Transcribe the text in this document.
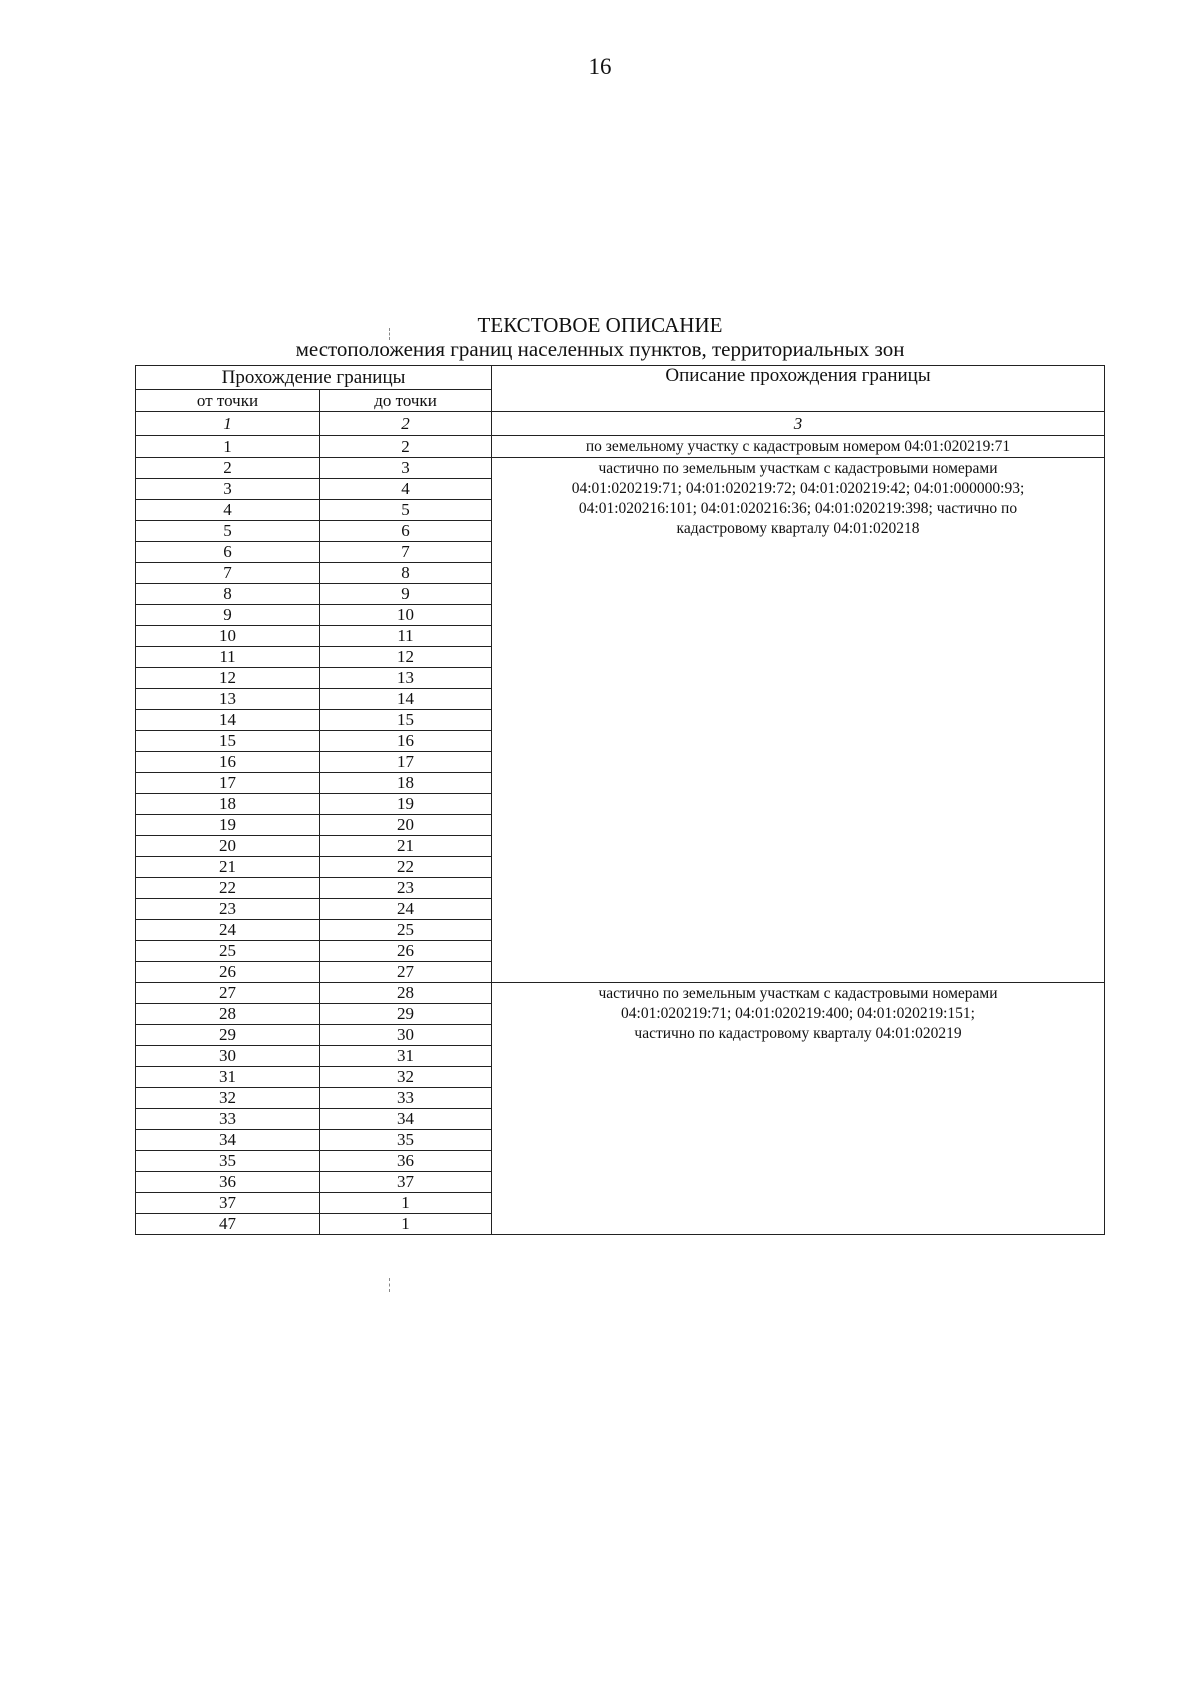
16
ТЕКСТОВОЕ ОПИСАНИЕ
местоположения границ населенных пунктов, территориальных зон
Прохождение границы		Описание прохождения границы
от точки	до точки	
1	2	3
1	2	по земельному участку с кадастровым номером 04:01:020219:71

2	3	частично по земельным участкам с кадастровыми номерами
04:01:020219:71; 04:01:020219:72; 04:01:020219:42; 04:01:000000:93;
04:01:020216:101; 04:01:020216:36; 04:01:020219:398; частично по
кадастровому кварталу 04:01:020218

3	4	
4	5	
5	6	
6	7	
7	8	
8	9	
9	10	
10	11	
11	12	
12	13	
13	14	
14	15	
15	16	
16	17	
17	18	
18	19	
19	20	
20	21	
21	22	
22	23	
23	24	
24	25	
25	26	
26	27	
27	28	частично по земельным участкам с кадастровыми номерами
04:01:020219:71; 04:01:020219:400; 04:01:020219:151;
частично по кадастровому кварталу 04:01:020219

28	29	
29	30	
30	31	
31	32	
32	33	
33	34	
34	35	
35	36	
36	37	
37	1	
47	1	
